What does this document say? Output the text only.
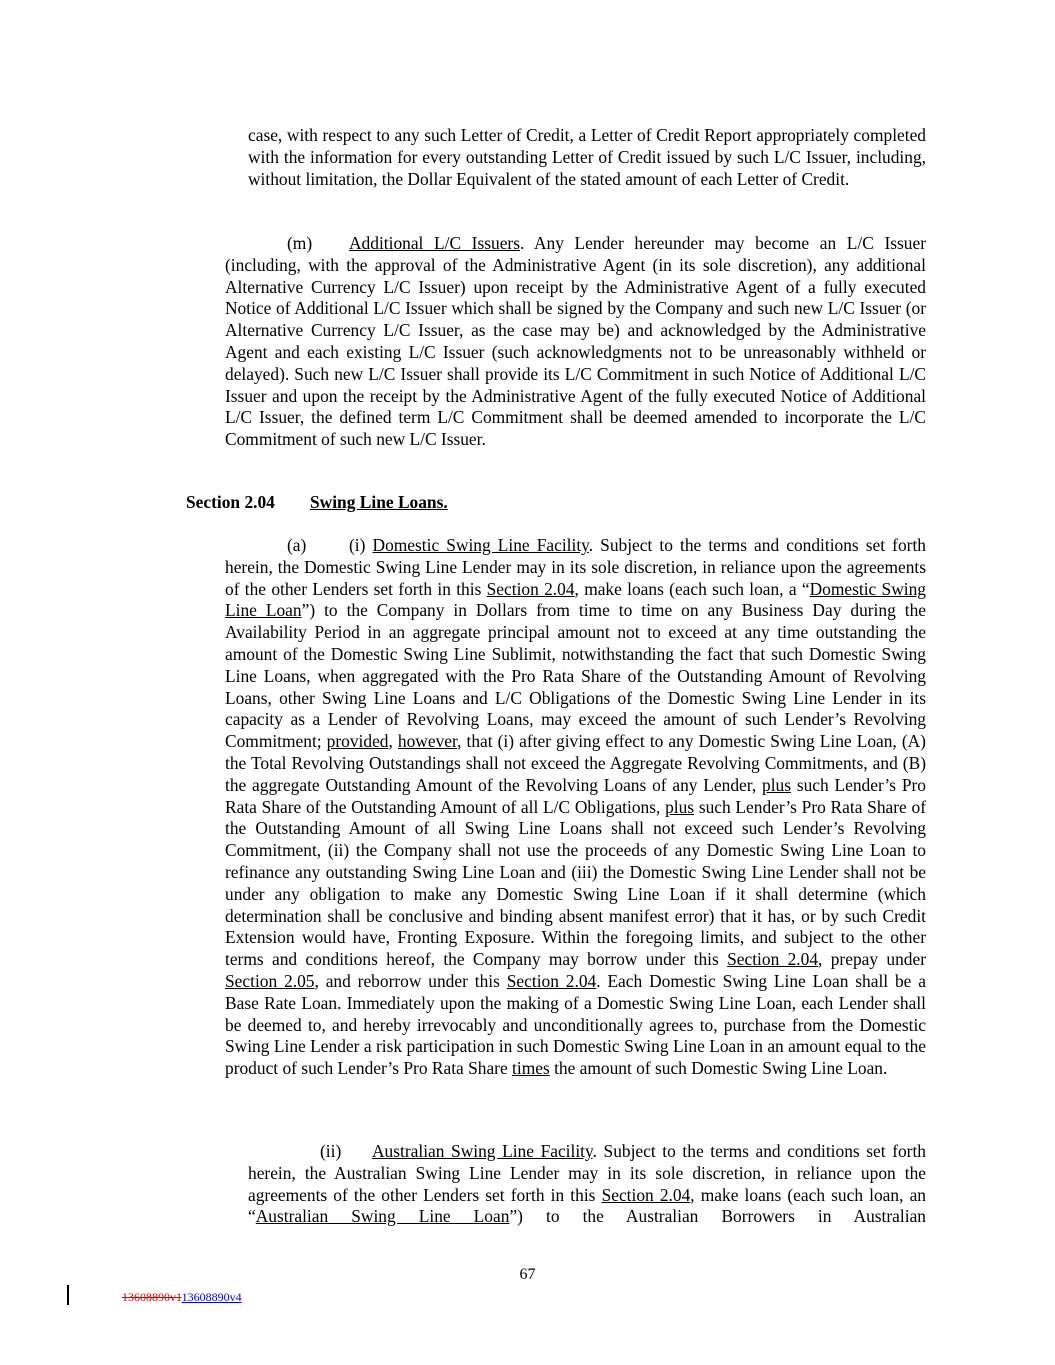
case, with respect to any such Letter of Credit, a Letter of Credit Report appropriately completed with the information for every outstanding Letter of Credit issued by such L/C Issuer, including, without limitation, the Dollar Equivalent of the stated amount of each Letter of Credit.
(m) Additional L/C Issuers. Any Lender hereunder may become an L/C Issuer (including, with the approval of the Administrative Agent (in its sole discretion), any additional Alternative Currency L/C Issuer) upon receipt by the Administrative Agent of a fully executed Notice of Additional L/C Issuer which shall be signed by the Company and such new L/C Issuer (or Alternative Currency L/C Issuer, as the case may be) and acknowledged by the Administrative Agent and each existing L/C Issuer (such acknowledgments not to be unreasonably withheld or delayed). Such new L/C Issuer shall provide its L/C Commitment in such Notice of Additional L/C Issuer and upon the receipt by the Administrative Agent of the fully executed Notice of Additional L/C Issuer, the defined term L/C Commitment shall be deemed amended to incorporate the L/C Commitment of such new L/C Issuer.
Section 2.04 Swing Line Loans.
(a) (i) Domestic Swing Line Facility. Subject to the terms and conditions set forth herein, the Domestic Swing Line Lender may in its sole discretion, in reliance upon the agreements of the other Lenders set forth in this Section 2.04, make loans (each such loan, a “Domestic Swing Line Loan”) to the Company in Dollars from time to time on any Business Day during the Availability Period in an aggregate principal amount not to exceed at any time outstanding the amount of the Domestic Swing Line Sublimit, notwithstanding the fact that such Domestic Swing Line Loans, when aggregated with the Pro Rata Share of the Outstanding Amount of Revolving Loans, other Swing Line Loans and L/C Obligations of the Domestic Swing Line Lender in its capacity as a Lender of Revolving Loans, may exceed the amount of such Lender’s Revolving Commitment; provided, however, that (i) after giving effect to any Domestic Swing Line Loan, (A) the Total Revolving Outstandings shall not exceed the Aggregate Revolving Commitments, and (B) the aggregate Outstanding Amount of the Revolving Loans of any Lender, plus such Lender’s Pro Rata Share of the Outstanding Amount of all L/C Obligations, plus such Lender’s Pro Rata Share of the Outstanding Amount of all Swing Line Loans shall not exceed such Lender’s Revolving Commitment, (ii) the Company shall not use the proceeds of any Domestic Swing Line Loan to refinance any outstanding Swing Line Loan and (iii) the Domestic Swing Line Lender shall not be under any obligation to make any Domestic Swing Line Loan if it shall determine (which determination shall be conclusive and binding absent manifest error) that it has, or by such Credit Extension would have, Fronting Exposure. Within the foregoing limits, and subject to the other terms and conditions hereof, the Company may borrow under this Section 2.04, prepay under Section 2.05, and reborrow under this Section 2.04. Each Domestic Swing Line Loan shall be a Base Rate Loan. Immediately upon the making of a Domestic Swing Line Loan, each Lender shall be deemed to, and hereby irrevocably and unconditionally agrees to, purchase from the Domestic Swing Line Lender a risk participation in such Domestic Swing Line Loan in an amount equal to the product of such Lender’s Pro Rata Share times the amount of such Domestic Swing Line Loan.
(ii) Australian Swing Line Facility. Subject to the terms and conditions set forth herein, the Australian Swing Line Lender may in its sole discretion, in reliance upon the agreements of the other Lenders set forth in this Section 2.04, make loans (each such loan, an “Australian Swing Line Loan”) to the Australian Borrowers in Australian
67
13608890v113608890v4
